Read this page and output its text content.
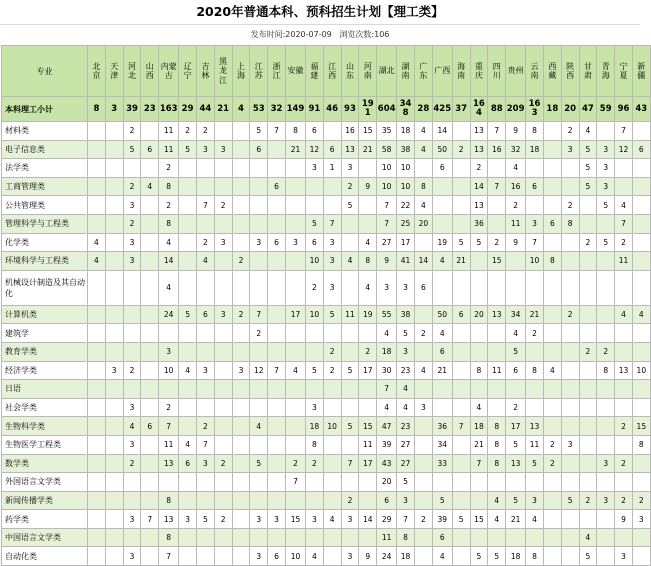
2020年普通本科、预科招生计划【理工类】
发布时间:2020-07-09 浏览次数:106
专业	北京	天津	河北	山西	内蒙古	辽宁	吉林	黑龙江	上海	江苏	浙江	安徽	福建	江西	山东	河南	湖北	湖南	广东	广西	海南	重庆	四川	贵州	云南	西藏	陕西	甘肃	青海	宁夏	新疆

本科理工小计	8	3	39	23	163	29	44	21	4	53	32	149	91	46	93	191	604	348	28	425	37	164	88	209	163	18	20	47	59	96	43
材料类			2		11	2	2			5	7	8	6		16	15	35	18	4	14		13	7	9	8		2	4		7	
电子信息类			5	6	11	5	3	3		6		21	12	6	13	21	58	38	4	50	2	13	16	32	18		3	5	3	12	6
法学类					2								3	1	3		10	10		6		2		4				5	3		
工商管理类			2	4	8						6				2	9	10	10	8			14	7	16	6			5	3		
公共管理类			3		2		7	2							5		7	22	4			13		2			2		5	4	
管理科学与工程类			2		8								5	7			7	25	20			36		11	3	6	8			7	
化学类	4		3		4		2	3		3	6	3	6	3		4	27	17		19	5	5	2	9	7			2	5	2	
环境科学与工程类	4		3		14		4		2				10	3	4	8	9	41	14	4	21		15		10	8				11	
机械设计制造及其自动化					4								2	3		4	3	3	6												
计算机类					24	5	6	3	2	7		17	10	5	11	19	55	38		50	6	20	13	34	21		2			4	4
建筑学										2							4	5	2	4				4	2						
教育学类					3									2		2	18	3		6				5				2	2		
经济学类		3	2		10	4	3		3	12	7	4	5	2	5	17	30	23	4	21		8	11	6	8	4			8	13	10
日语																	7	4													
社会学类			3		2								3				4	4	3			4		2							
生物科学类			4	6	7		2			4			18	10	5	15	47	23		36	7	18	8	17	13					2	15
生物医学工程类			3		11	4	7						8			11	39	27		34		21	8	5	11	2	3				8
数学类			2		13	6	3	2		5		2	2		7	17	43	27		33		7	8	13	5	2			3	2	
外国语言文学类												7					20	5													
新闻传播学类					8										2		6	3		5			4	5	3		5	2	3	2	2
药学类			3	7	13	3	5	2		3	3	15	3	4	3	14	29	7	2	39	5	15	4	21	4					9	3
中国语言文学类					8												11	8		6								4			
自动化类			3		7					3	6	10	4		3	9	24	18		4		5	5	18	8			5		3	
